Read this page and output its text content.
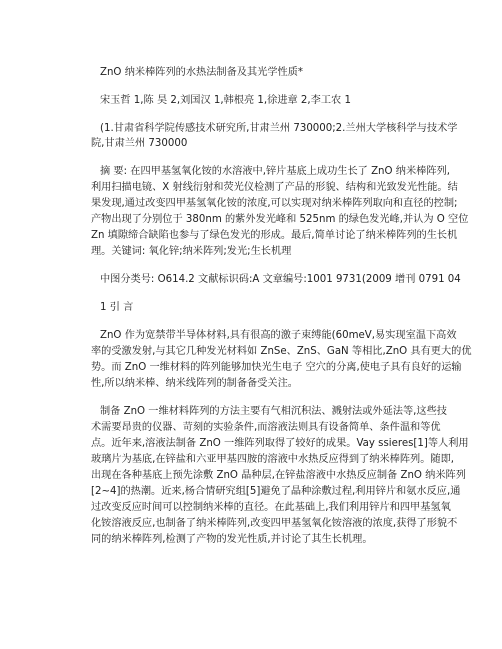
ZnO 纳米棒阵列的水热法制备及其光学性质*
宋玉哲 1,陈 昊 2,刘国汉 1,韩根亮 1,徐进章 2,李工农 1
(1.甘肃省科学院传感技术研究所,甘肃兰州 730000;2.兰州大学核科学与技术学
院,甘肃兰州 730000
摘 要: 在四甲基氢氧化铵的水溶液中,锌片基底上成功生长了 ZnO 纳米棒阵列,
利用扫描电镜、X 射线衍射和荧光仪检测了产品的形貌、结构和光致发光性能。结
果发现,通过改变四甲基氢氧化铵的浓度,可以实现对纳米棒阵列取向和直径的控制;
产物出现了分别位于 380nm 的紫外发光峰和 525nm 的绿色发光峰,并认为 O 空位
Zn 填隙缔合缺陷也参与了绿色发光的形成。最后,简单讨论了纳米棒阵列的生长机
理。关键词: 氧化锌;纳米阵列;发光;生长机理
中图分类号: O614.2 文献标识码:A 文章编号:1001 9731(2009 增刊 0791 04
1 引 言
ZnO 作为宽禁带半导体材料,具有很高的激子束缚能(60meV,易实现室温下高效
率的受激发射,与其它几种发光材料如 ZnSe、ZnS、GaN 等相比,ZnO 具有更大的优
势。而 ZnO 一维材料的阵列能够加快光生电子 空穴的分离,使电子具有良好的运输
性,所以纳米棒、纳米线阵列的制备备受关注。
制备 ZnO 一维材料阵列的方法主要有气相沉积法、溅射法或外延法等,这些技
术需要昂贵的仪器、苛刻的实验条件,而溶液法则具有设备简单、条件温和等优
点。近年来,溶液法制备 ZnO 一维阵列取得了较好的成果。Vay ssieres[1]等人利用
玻璃片为基底,在锌盐和六亚甲基四胺的溶液中水热反应得到了纳米棒阵列。随即,
出现在各种基底上预先涂敷 ZnO 晶种层,在锌盐溶液中水热反应制备 ZnO 纳米阵列
[2~4]的热潮。近来,杨合情研究组[5]避免了晶种涂敷过程,利用锌片和氨水反应,通
过改变反应时间可以控制纳米棒的直径。在此基础上,我们利用锌片和四甲基氢氧
化铵溶液反应,也制备了纳米棒阵列,改变四甲基氢氧化铵溶液的浓度,获得了形貌不
同的纳米棒阵列,检测了产物的发光性质,并讨论了其生长机理。
